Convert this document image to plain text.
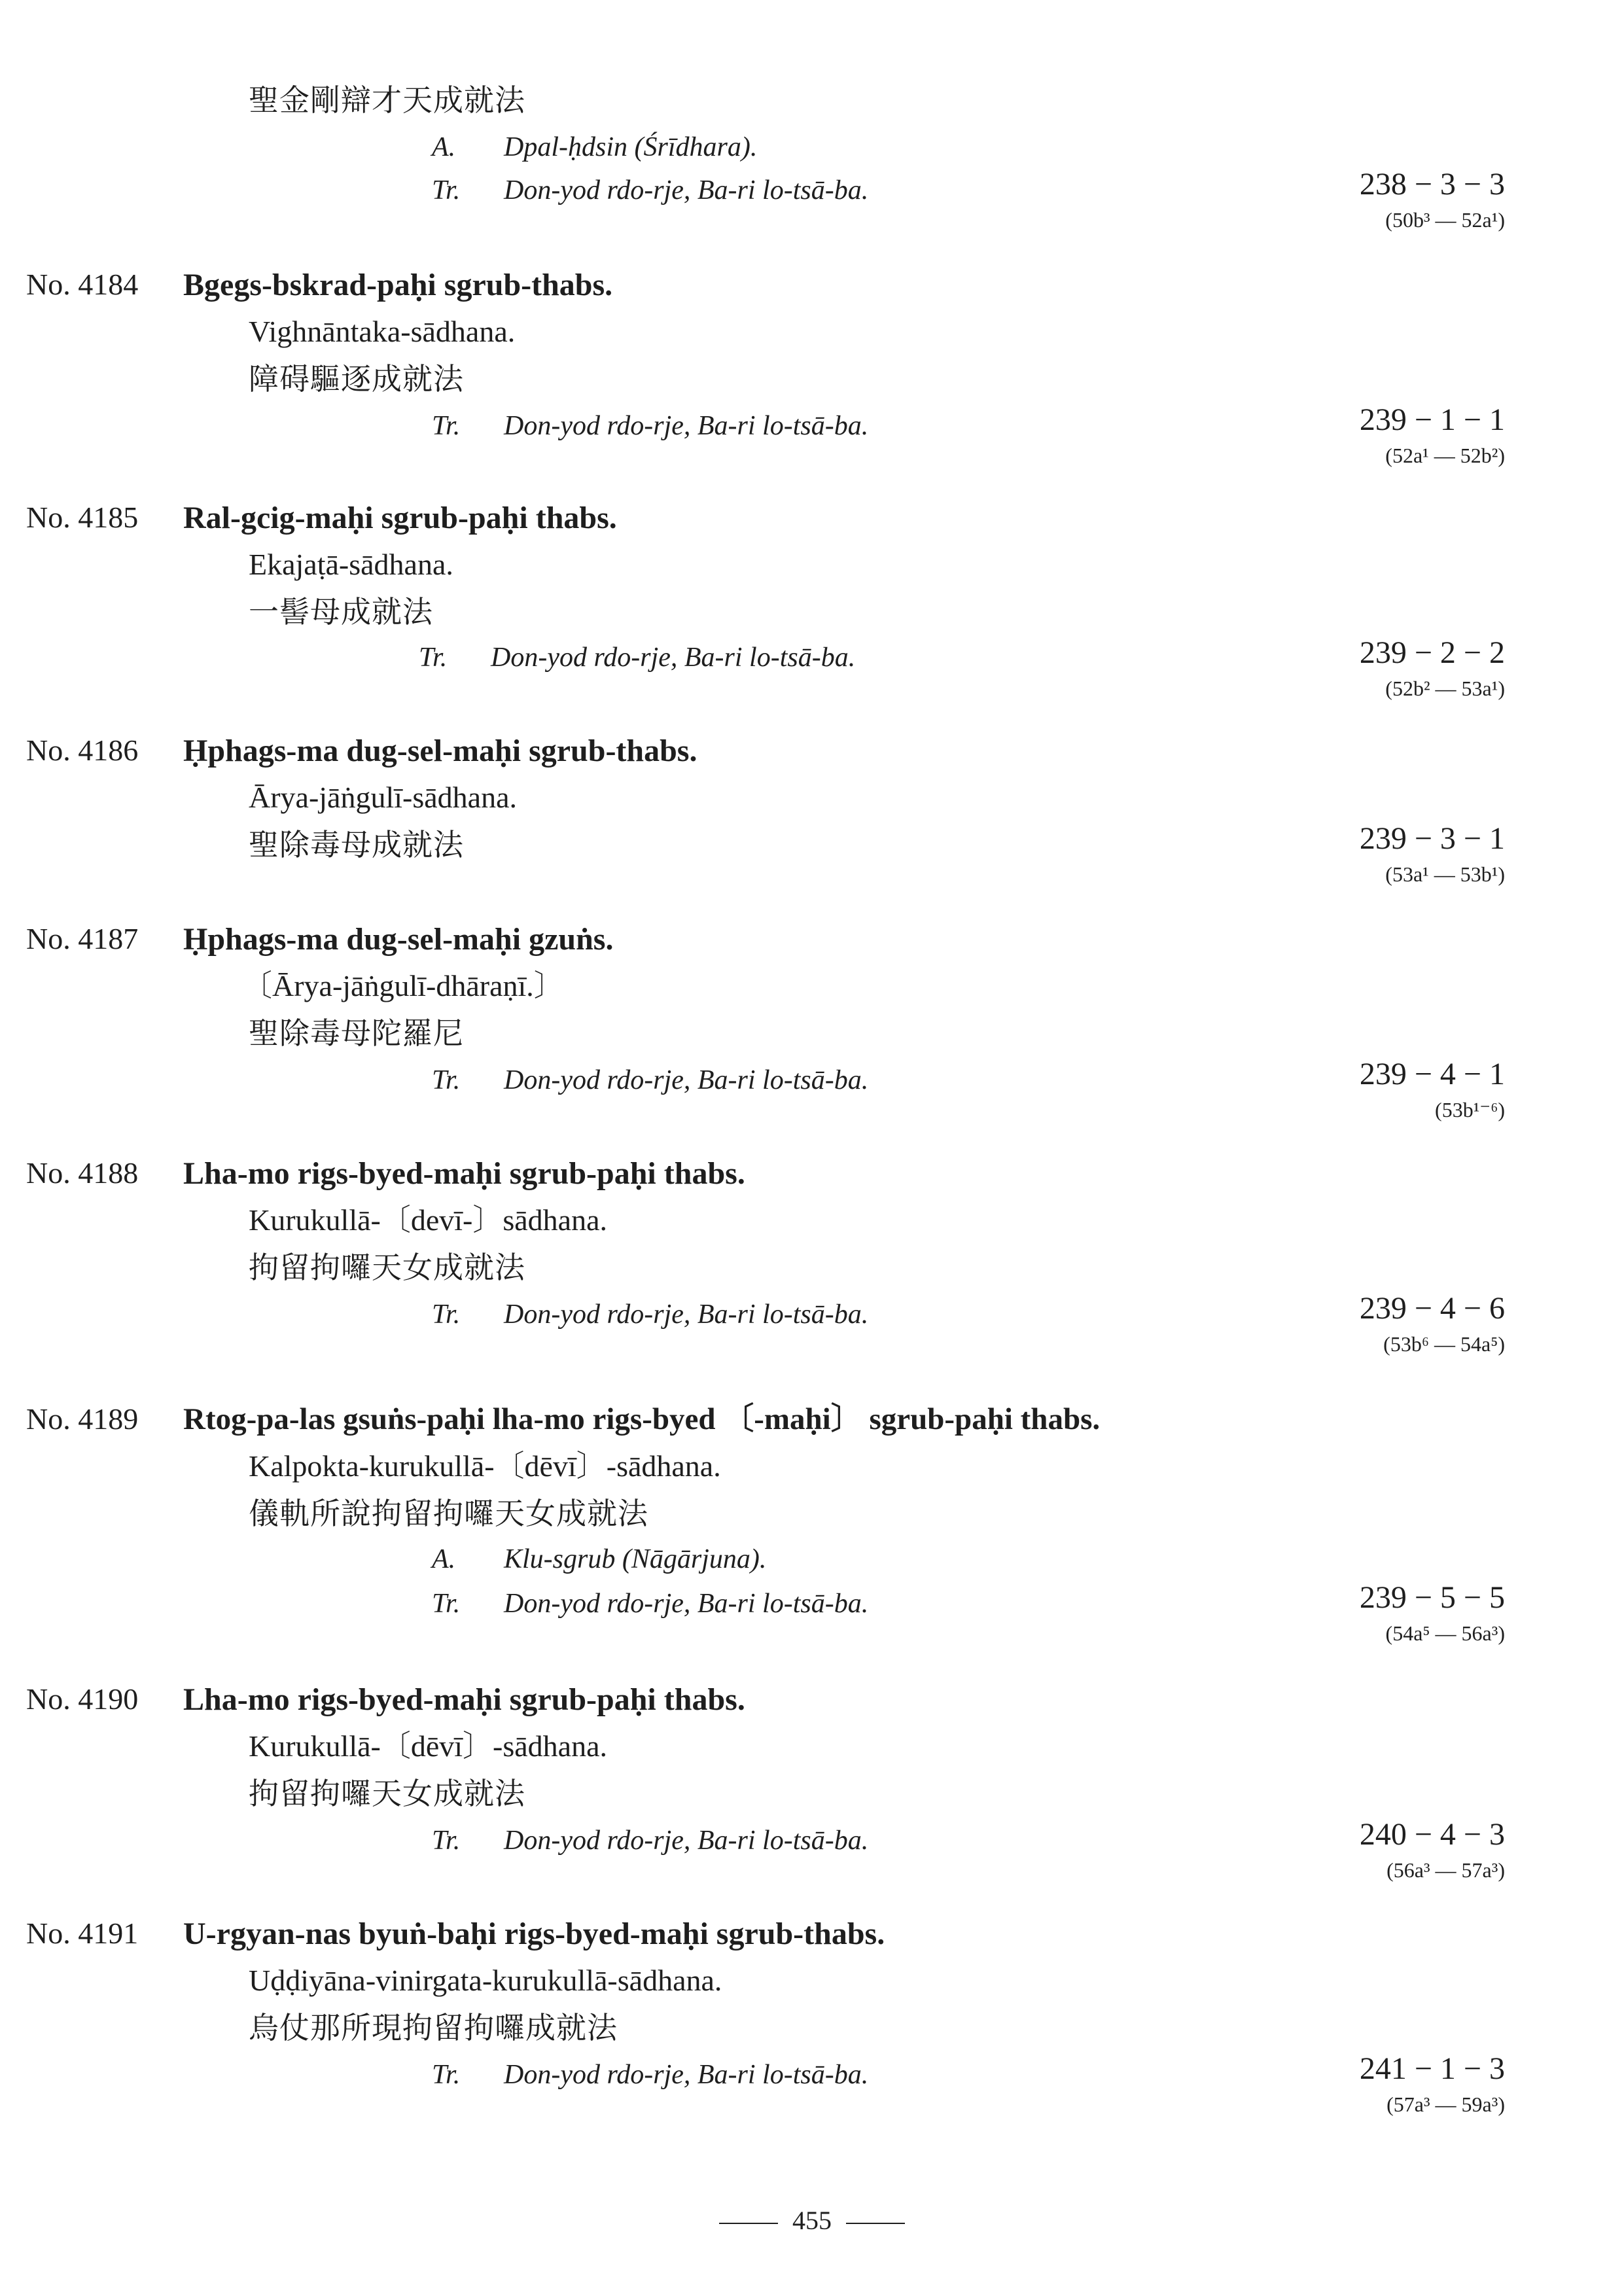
聖金剛辯才天成就法
A. Dpal-ḥdsin (Śrīdhara).
Tr. Don-yod rdo-rje, Ba-ri lo-tsā-ba.	238 − 3 − 3
(50b³ — 52a¹)
No. 4184 Bgegs-bskrad-paḥi sgrub-thabs.
Vighnāntaka-sādhana.
障碍驅逐成就法
Tr. Don-yod rdo-rje, Ba-ri lo-tsā-ba.	239 − 1 − 1
(52a¹ — 52b²)
No. 4185 Ral-gcig-maḥi sgrub-paḥi thabs.
Ekajaṭā-sādhana.
一髻母成就法
Tr. Don-yod rdo-rje, Ba-ri lo-tsā-ba.	239 − 2 − 2
(52b² — 53a¹)
No. 4186 Ḥphags-ma dug-sel-maḥi sgrub-thabs.
Ārya-jāṅgulī-sādhana.
聖除毒母成就法	239 − 3 − 1
(53a¹ — 53b¹)
No. 4187 Ḥphags-ma dug-sel-maḥi gzuṅs.
〔Ārya-jāṅgulī-dhāraṇī.〕
聖除毒母陀羅尼
Tr. Don-yod rdo-rje, Ba-ri lo-tsā-ba.	239 − 4 − 1
(53b¹⁻⁶)
No. 4188 Lha-mo rigs-byed-maḥi sgrub-paḥi thabs.
Kurukullā-〔devī-〕sādhana.
拘留拘囉天女成就法
Tr. Don-yod rdo-rje, Ba-ri lo-tsā-ba.	239 − 4 − 6
(53b⁶ — 54a⁵)
No. 4189 Rtog-pa-las gsuṅs-paḥi lha-mo rigs-byed 〔-maḥi〕 sgrub-paḥi thabs.
Kalpokta-kurukullā-〔dēvī〕-sādhana.
儀軌所說拘留拘囉天女成就法
A. Klu-sgrub (Nāgārjuna).
Tr. Don-yod rdo-rje, Ba-ri lo-tsā-ba.	239 − 5 − 5
(54a⁵ — 56a³)
No. 4190 Lha-mo rigs-byed-maḥi sgrub-paḥi thabs.
Kurukullā-〔dēvī〕-sādhana.
拘留拘囉天女成就法
Tr. Don-yod rdo-rje, Ba-ri lo-tsā-ba.	240 − 4 − 3
(56a³ — 57a³)
No. 4191 U-rgyan-nas byuṅ-baḥi rigs-byed-maḥi sgrub-thabs.
Uḍḍiyāna-vinirgata-kurukullā-sādhana.
烏仗那所現拘留拘囉成就法
Tr. Don-yod rdo-rje, Ba-ri lo-tsā-ba.	241 − 1 − 3
(57a³ — 59a³)
455
